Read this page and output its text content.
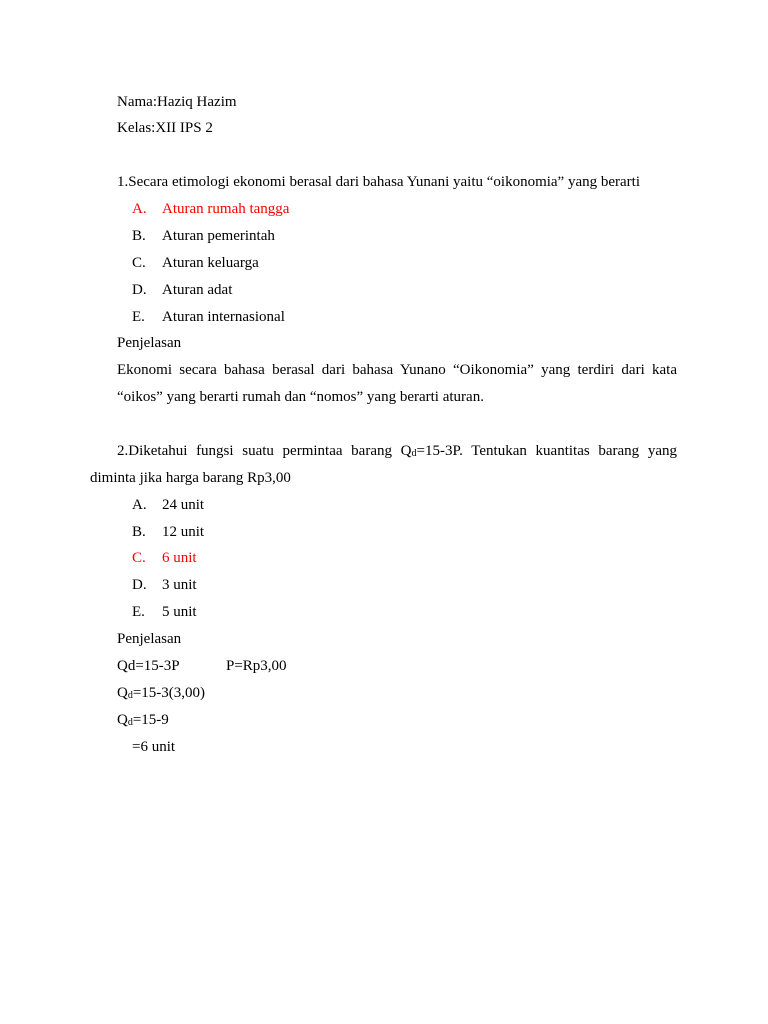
Nama:Haziq Hazim
Kelas:XII IPS 2
1.Secara etimologi ekonomi berasal dari bahasa Yunani yaitu “oikonomia” yang berarti
A. Aturan rumah tangga
B. Aturan pemerintah
C. Aturan keluarga
D. Aturan adat
E. Aturan internasional
Penjelasan
Ekonomi secara bahasa berasal dari bahasa Yunano “Oikonomia” yang terdiri dari kata
“oikos” yang berarti rumah dan “nomos” yang berarti aturan.
2.Diketahui fungsi suatu permintaa barang $Q_d=15-3P$. Tentukan kuantitas barang yang
diminta jika harga barang Rp3,00
A. 24 unit
B. 12 unit
C. 6 unit
D. 3 unit
E. 5 unit
Penjelasan
Qd=15-3P	P=Rp3,00
$Q_d=15-3(3,00)$
$Q_d=15-9$
=6 unit
